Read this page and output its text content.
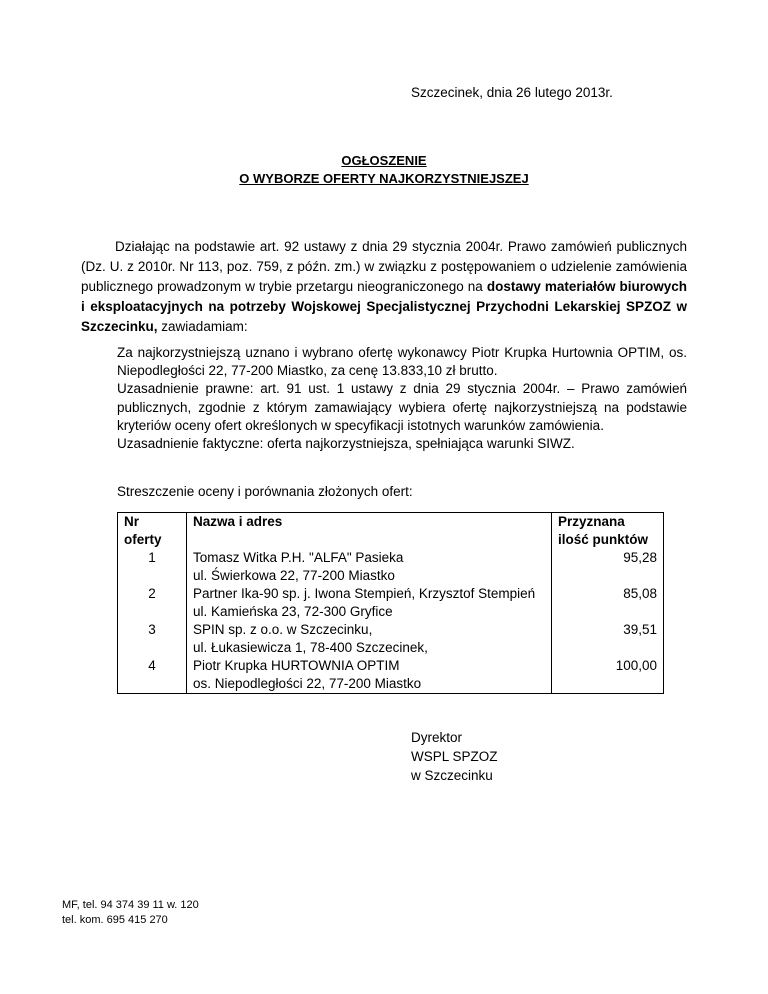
Szczecinek, dnia 26 lutego 2013r.
OGŁOSZENIE
O WYBORZE OFERTY NAJKORZYSTNIEJSZEJ
Działając na podstawie art. 92 ustawy z dnia 29 stycznia 2004r. Prawo zamówień publicznych (Dz. U. z 2010r. Nr 113, poz. 759, z późn. zm.) w związku z postępowaniem o udzielenie zamówienia publicznego prowadzonym w trybie przetargu nieograniczonego na dostawy materiałów biurowych i eksploatacyjnych na potrzeby Wojskowej Specjalistycznej Przychodni Lekarskiej SPZOZ w Szczecinku, zawiadamiam:

Za najkorzystniejszą uznano i wybrano ofertę wykonawcy Piotr Krupka Hurtownia OPTIM, os. Niepodległości 22, 77-200 Miastko, za cenę 13.833,10 zł brutto.

Uzasadnienie prawne: art. 91 ust. 1 ustawy z dnia 29 stycznia 2004r. – Prawo zamówień publicznych, zgodnie z którym zamawiający wybiera ofertę najkorzystniejszą na podstawie kryteriów oceny ofert określonych w specyfikacji istotnych warunków zamówienia.

Uzasadnienie faktyczne: oferta najkorzystniejsza, spełniająca warunki SIWZ.

Streszczenie oceny i porównania złożonych ofert:
Nr oferty	Nazwa i adres	Przyznana
ilość punktów
1	Tomasz Witka P.H. "ALFA" Pasieka
ul. Świerkowa 22, 77-200 Miastko	95,28
2	Partner Ika-90 sp. j. Iwona Stempień, Krzysztof Stempień
ul. Kamieńska 23, 72-300 Gryfice	85,08
3	SPIN sp. z o.o. w Szczecinku,
ul. Łukasiewicza 1, 78-400 Szczecinek,	39,51
4	Piotr Krupka HURTOWNIA OPTIM
os. Niepodległości 22, 77-200 Miastko	100,00
Dyrektor
WSPL SPZOZ
w Szczecinku
MF, tel. 94 374 39 11 w. 120
tel. kom. 695 415 270
